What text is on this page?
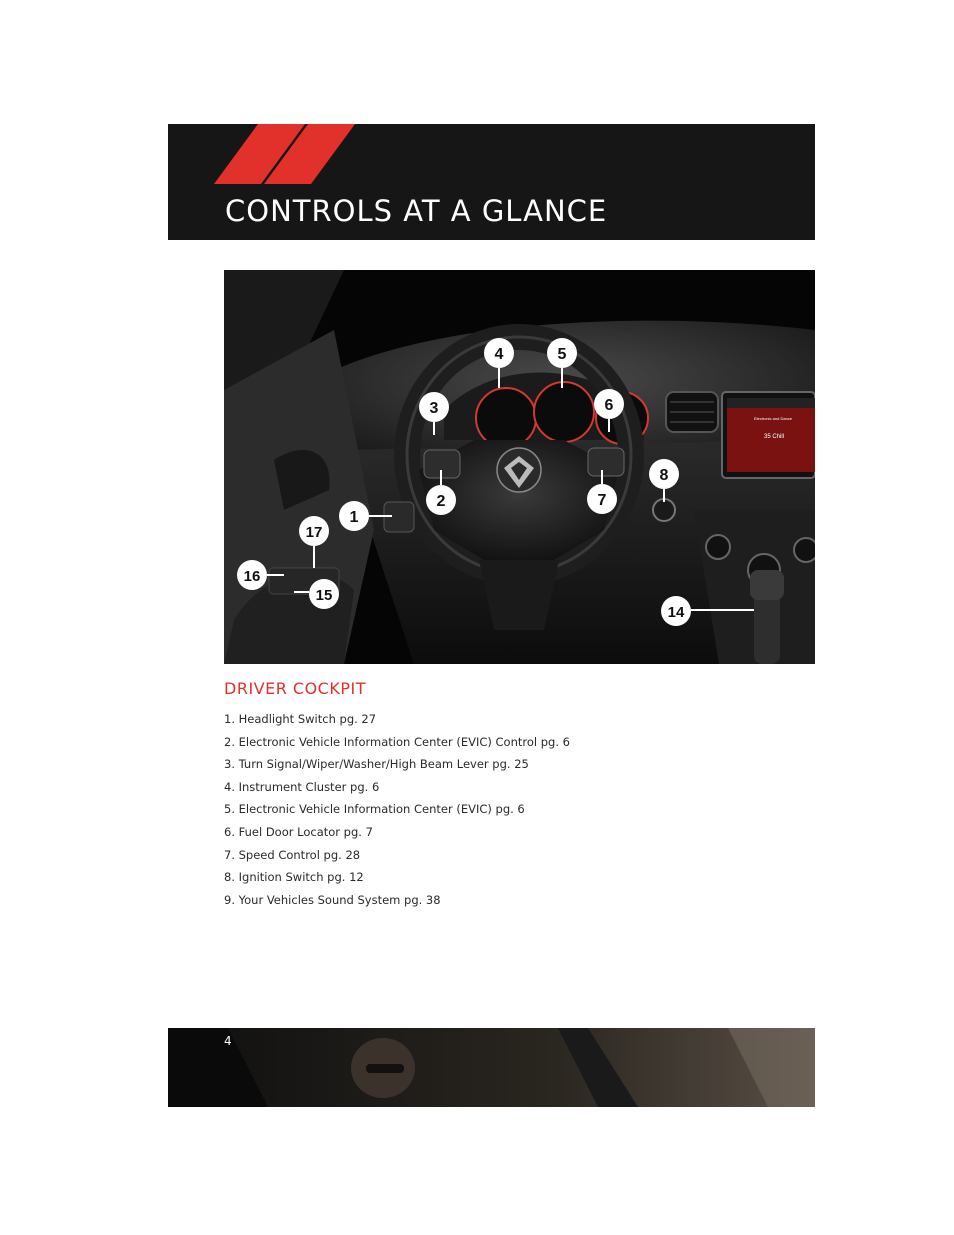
CONTROLS AT A GLANCE
35 Chill
Electronic and Dance
4	5
3	6
2	7
8
1
17
16
15
14
DRIVER COCKPIT
1. Headlight Switch pg. 27
2. Electronic Vehicle Information Center (EVIC) Control pg. 6
3. Turn Signal/Wiper/Washer/High Beam Lever pg. 25
4. Instrument Cluster pg. 6
5. Electronic Vehicle Information Center (EVIC) pg. 6
6. Fuel Door Locator pg. 7
7. Speed Control pg. 28
8. Ignition Switch pg. 12
9. Your Vehicles Sound System pg. 38
4
